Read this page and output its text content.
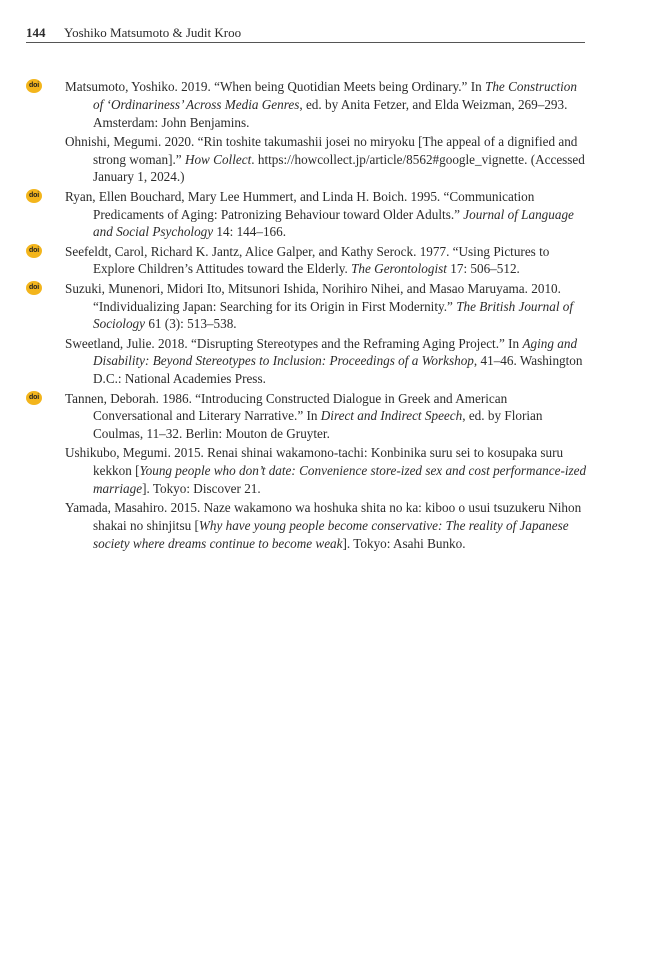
144 Yoshiko Matsumoto & Judit Kroo
doi Matsumoto, Yoshiko. 2019. “When being Quotidian Meets being Ordinary.” In The Construction of ‘Ordinariness’ Across Media Genres, ed. by Anita Fetzer, and Elda Weizman, 269–293. Amsterdam: John Benjamins.
Ohnishi, Megumi. 2020. “Rin toshite takumashii josei no miryoku [The appeal of a dignified and strong woman].” How Collect. https://howcollect.jp/article/8562#google_vignette. (Accessed January 1, 2024.)
doi Ryan, Ellen Bouchard, Mary Lee Hummert, and Linda H. Boich. 1995. “Communication Predicaments of Aging: Patronizing Behaviour toward Older Adults.” Journal of Language and Social Psychology 14: 144–166.
doi Seefeldt, Carol, Richard K. Jantz, Alice Galper, and Kathy Serock. 1977. “Using Pictures to Explore Children’s Attitudes toward the Elderly. The Gerontologist 17: 506–512.
doi Suzuki, Munenori, Midori Ito, Mitsunori Ishida, Norihiro Nihei, and Masao Maruyama. 2010. “Individualizing Japan: Searching for its Origin in First Modernity.” The British Journal of Sociology 61 (3): 513–538.
Sweetland, Julie. 2018. “Disrupting Stereotypes and the Reframing Aging Project.” In Aging and Disability: Beyond Stereotypes to Inclusion: Proceedings of a Workshop, 41–46. Washington D.C.: National Academies Press.
doi Tannen, Deborah. 1986. “Introducing Constructed Dialogue in Greek and American Conversational and Literary Narrative.” In Direct and Indirect Speech, ed. by Florian Coulmas, 11–32. Berlin: Mouton de Gruyter.
Ushikubo, Megumi. 2015. Renai shinai wakamono-tachi: Konbinika suru sei to kosupaka suru kekkon [Young people who don’t date: Convenience store-ized sex and cost performance-ized marriage]. Tokyo: Discover 21.
Yamada, Masahiro. 2015. Naze wakamono wa hoshuka shita no ka: kiboo o usui tsuzukeru Nihon shakai no shinjitsu [Why have young people become conservative: The reality of Japanese society where dreams continue to become weak]. Tokyo: Asahi Bunko.
